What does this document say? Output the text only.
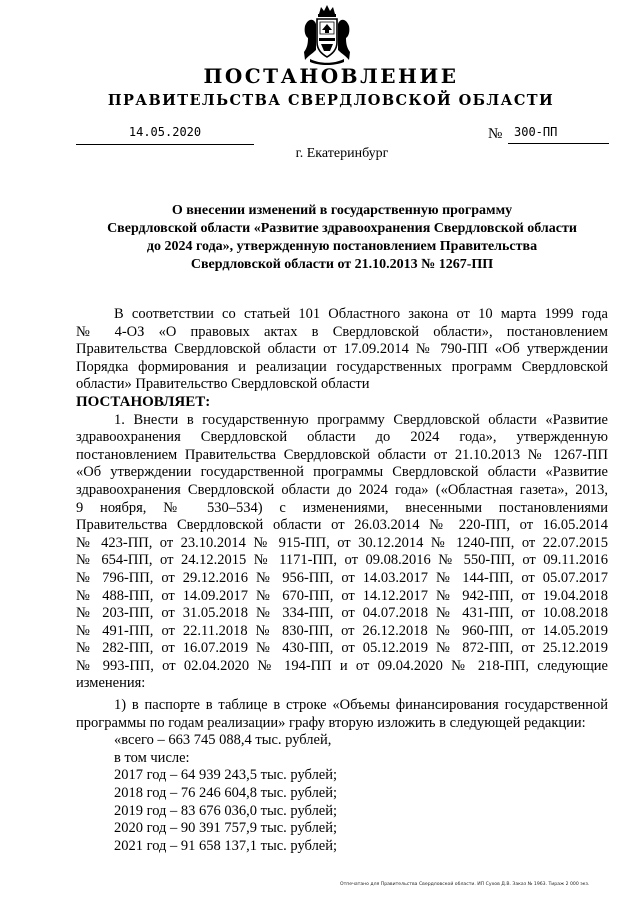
ПОСТАНОВЛЕНИЕ
ПРАВИТЕЛЬСТВА СВЕРДЛОВСКОЙ ОБЛАСТИ
14.05.2020	№ 300-ПП
г. Екатеринбург
О внесении изменений в государственную программу
Свердловской области «Развитие здравоохранения Свердловской области
до 2024 года», утвержденную постановлением Правительства
Свердловской области от 21.10.2013 № 1267-ПП
В соответствии со статьей 101 Областного закона от 10 марта 1999 года
№ 4-ОЗ «О правовых актах в Свердловской области», постановлением
Правительства Свердловской области от 17.09.2014 № 790-ПП «Об утверждении
Порядка формирования и реализации государственных программ Свердловской
области» Правительство Свердловской области
ПОСТАНОВЛЯЕТ:
1. Внести в государственную программу Свердловской области «Развитие
здравоохранения Свердловской области до 2024 года», утвержденную
постановлением Правительства Свердловской области от 21.10.2013 № 1267-ПП
«Об утверждении государственной программы Свердловской области «Развитие
здравоохранения Свердловской области до 2024 года» («Областная газета», 2013,
9 ноября, № 530–534) с изменениями, внесенными постановлениями
Правительства Свердловской области от 26.03.2014 № 220-ПП, от 16.05.2014
№ 423-ПП, от 23.10.2014 № 915-ПП, от 30.12.2014 № 1240-ПП, от 22.07.2015
№ 654-ПП, от 24.12.2015 № 1171-ПП, от 09.08.2016 № 550-ПП, от 09.11.2016
№ 796-ПП, от 29.12.2016 № 956-ПП, от 14.03.2017 № 144-ПП, от 05.07.2017
№ 488-ПП, от 14.09.2017 № 670-ПП, от 14.12.2017 № 942-ПП, от 19.04.2018
№ 203-ПП, от 31.05.2018 № 334-ПП, от 04.07.2018 № 431-ПП, от 10.08.2018
№ 491-ПП, от 22.11.2018 № 830-ПП, от 26.12.2018 № 960-ПП, от 14.05.2019
№ 282-ПП, от 16.07.2019 № 430-ПП, от 05.12.2019 № 872-ПП, от 25.12.2019
№ 993-ПП, от 02.04.2020 № 194-ПП и от 09.04.2020 № 218-ПП, следующие
изменения:
1) в паспорте в таблице в строке «Объемы финансирования государственной
программы по годам реализации» графу вторую изложить в следующей редакции:
«всего – 663 745 088,4 тыс. рублей,
в том числе:
2017 год – 64 939 243,5 тыс. рублей;
2018 год – 76 246 604,8 тыс. рублей;
2019 год – 83 676 036,0 тыс. рублей;
2020 год – 90 391 757,9 тыс. рублей;
2021 год – 91 658 137,1 тыс. рублей;
Отпечатано для Правительства Свердловской области. ИП Сухов Д.В. Заказ № 1963. Тираж 2 000 экз.
